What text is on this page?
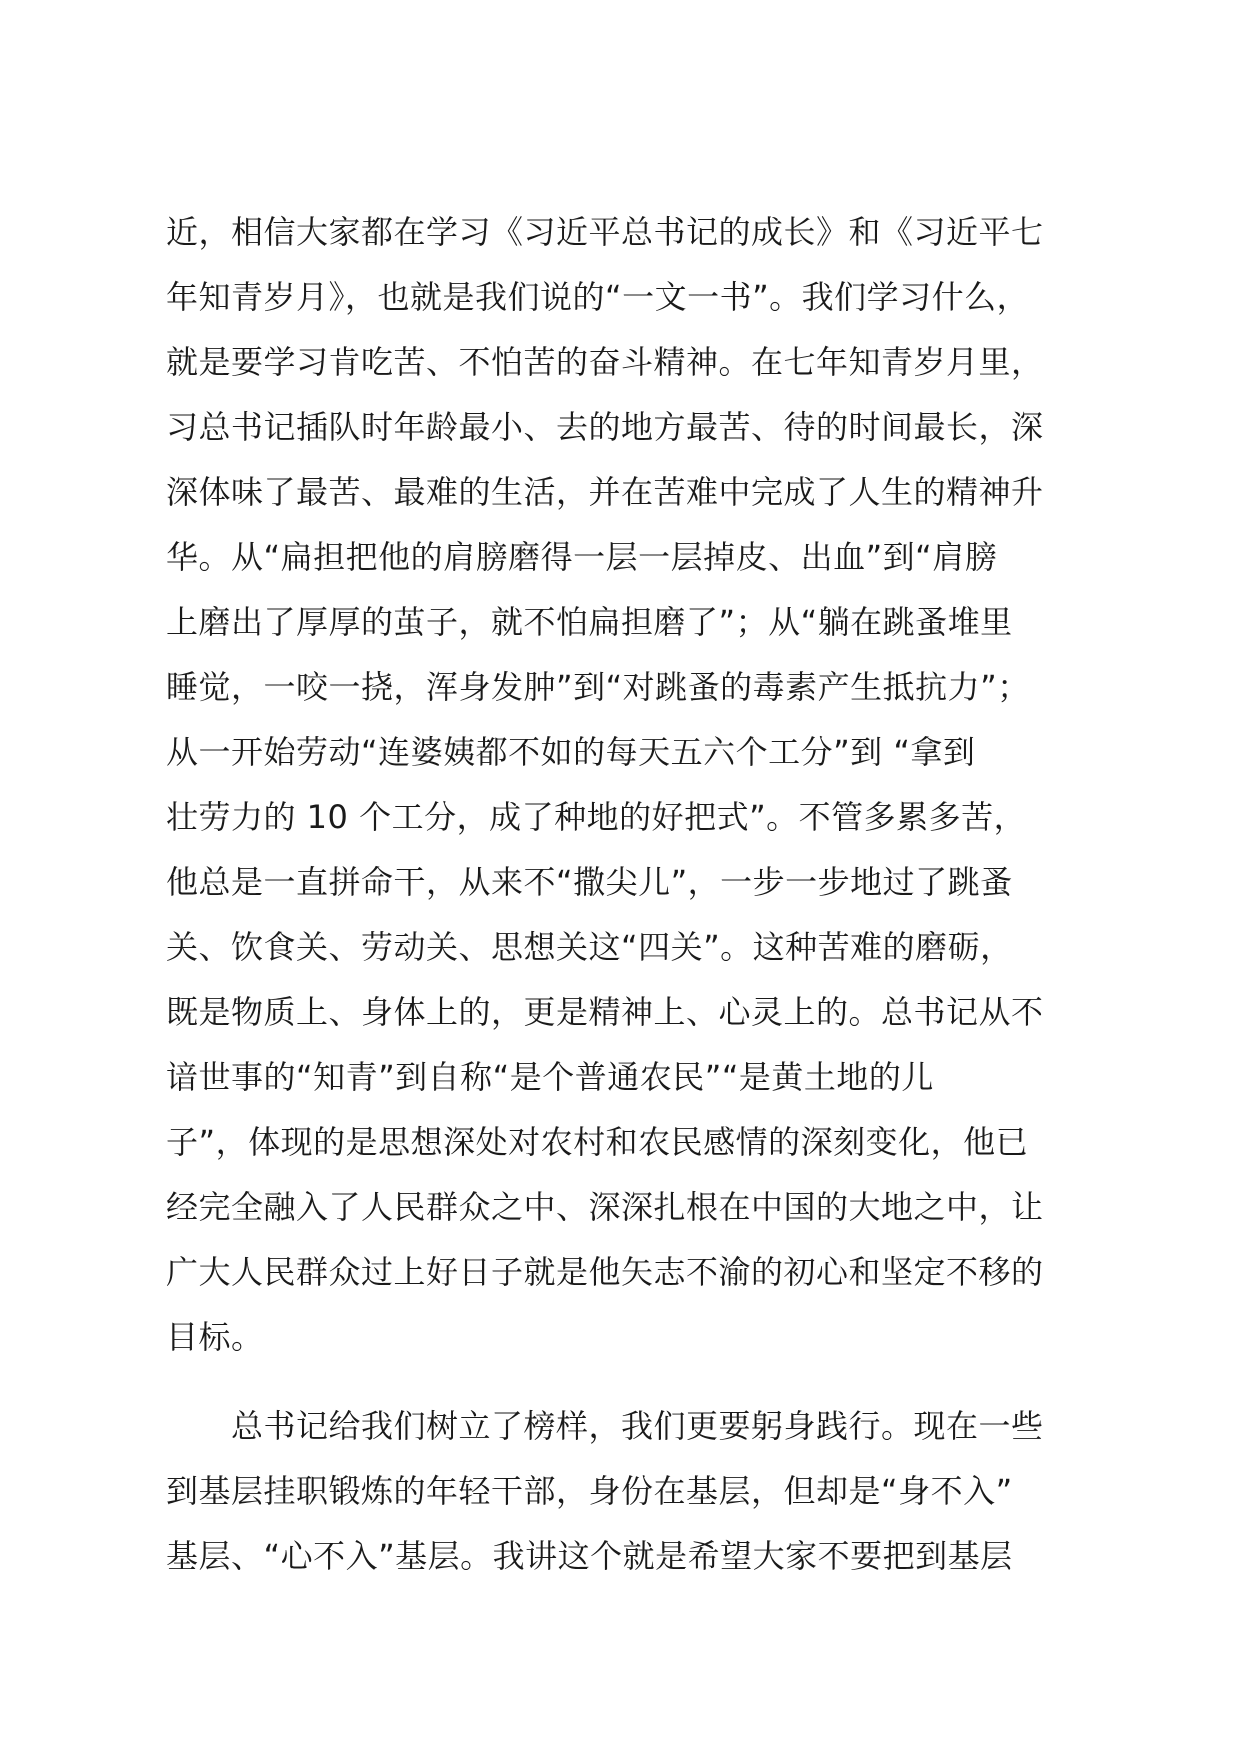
近，相信大家都在学习《习近平总书记的成长》和《习近平七
年知青岁月》，也就是我们说的“一文一书”。我们学习什么，
就是要学习肯吃苦、不怕苦的奋斗精神。在七年知青岁月里，
习总书记插队时年龄最小、去的地方最苦、待的时间最长，深
深体味了最苦、最难的生活，并在苦难中完成了人生的精神升
华。从“扁担把他的肩膀磨得一层一层掉皮、出血”到“肩膀
上磨出了厚厚的茧子，就不怕扁担磨了”；从“躺在跳蚤堆里
睡觉，一咬一挠，浑身发肿”到“对跳蚤的毒素产生抵抗力”；
从一开始劳动“连婆姨都不如的每天五六个工分”到 “拿到
壮劳力的 10 个工分，成了种地的好把式”。不管多累多苦，
他总是一直拼命干，从来不“撒尖儿”，一步一步地过了跳蚤
关、饮食关、劳动关、思想关这“四关”。这种苦难的磨砺，
既是物质上、身体上的，更是精神上、心灵上的。总书记从不
谙世事的“知青”到自称“是个普通农民”“是黄土地的儿
子”，体现的是思想深处对农村和农民感情的深刻变化，他已
经完全融入了人民群众之中、深深扎根在中国的大地之中，让
广大人民群众过上好日子就是他矢志不渝的初心和坚定不移的
目标。
　　总书记给我们树立了榜样，我们更要躬身践行。现在一些
到基层挂职锻炼的年轻干部，身份在基层，但却是“身不入”
基层、“心不入”基层。我讲这个就是希望大家不要把到基层
